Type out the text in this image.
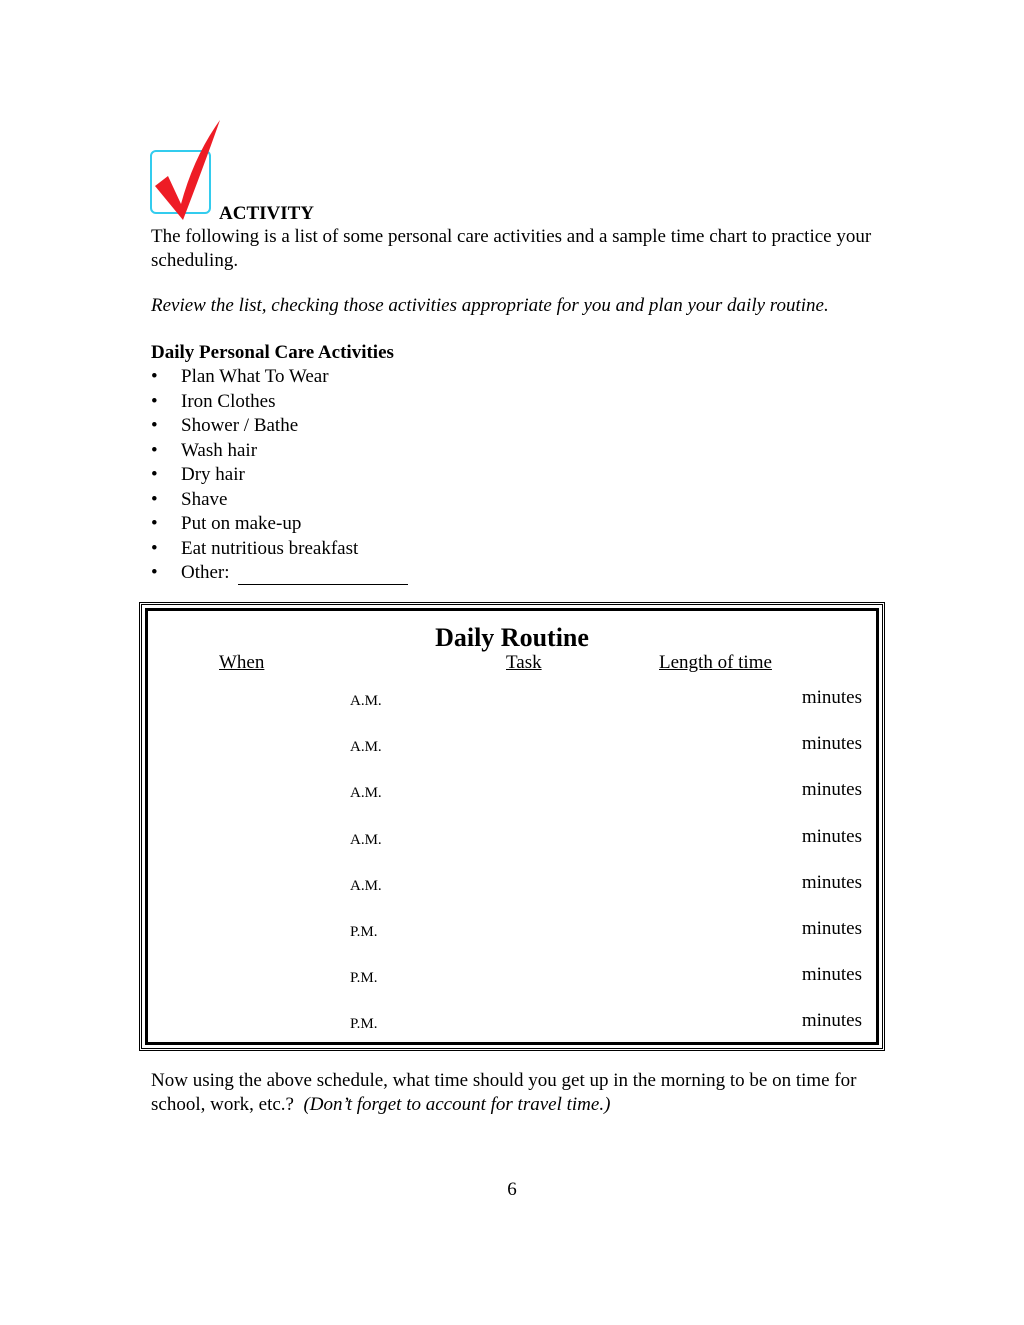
ACTIVITY
The following is a list of some personal care activities and a sample time chart to practice your scheduling.
Review the list, checking those activities appropriate for you and plan your daily routine.
Daily Personal Care Activities
• Plan What To Wear
• Iron Clothes
• Shower / Bathe
• Wash hair
• Dry hair
• Shave
• Put on make-up
• Eat nutritious breakfast
• Other:
Daily Routine
When	Task	Length of time
A.M.	minutes
A.M.	minutes
A.M.	minutes
A.M.	minutes
A.M.	minutes
P.M.	minutes
P.M.	minutes
P.M.	minutes
Now using the above schedule, what time should you get up in the morning to be on time for school, work, etc.? (Don’t forget to account for travel time.)
6
